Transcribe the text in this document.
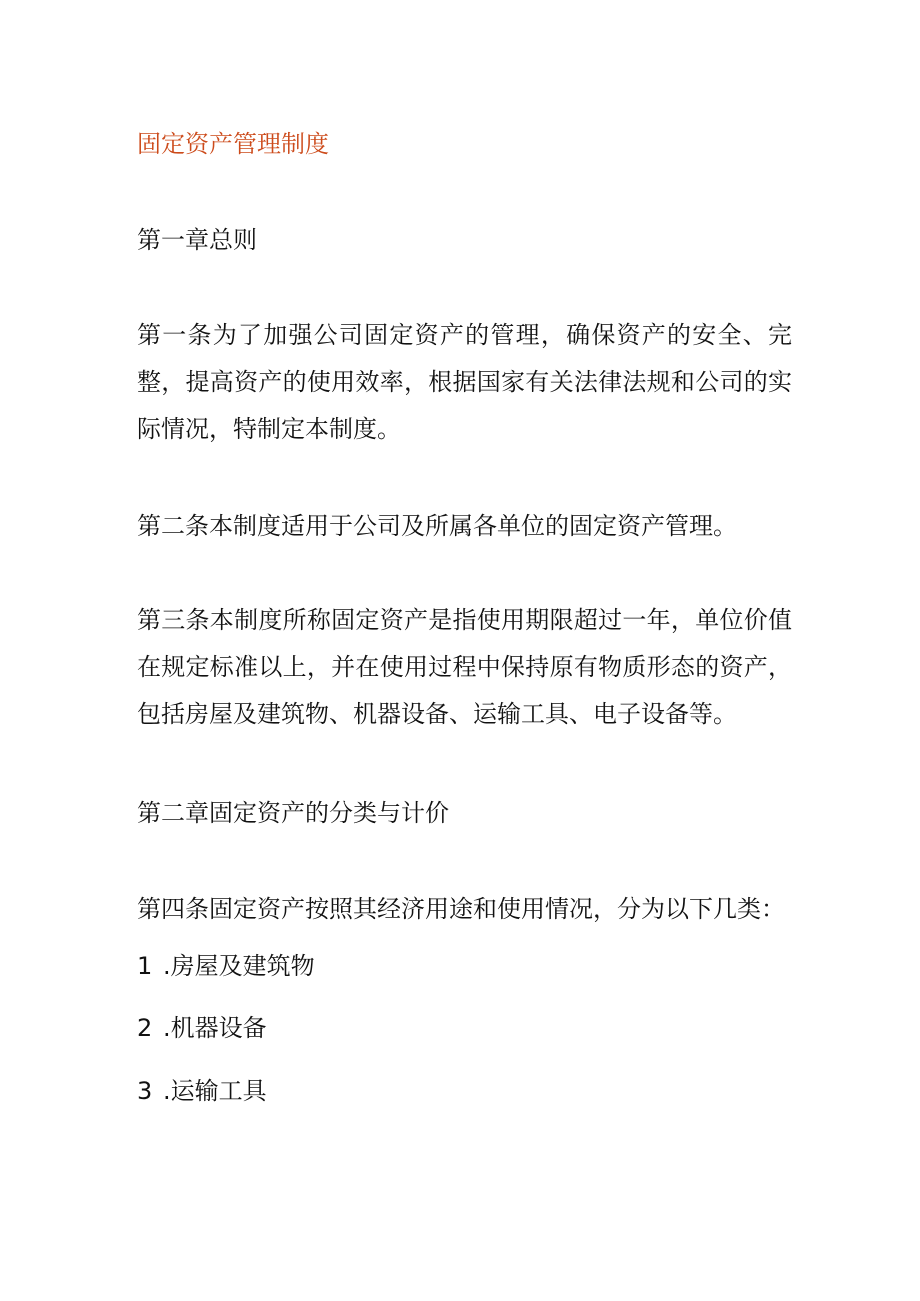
固定资产管理制度
第一章总则
第一条为了加强公司固定资产的管理，确保资产的安全、完整，提高资产的使用效率，根据国家有关法律法规和公司的实际情况，特制定本制度。
第二条本制度适用于公司及所属各单位的固定资产管理。
第三条本制度所称固定资产是指使用期限超过一年，单位价值在规定标准以上，并在使用过程中保持原有物质形态的资产，包括房屋及建筑物、机器设备、运输工具、电子设备等。
第二章固定资产的分类与计价
第四条固定资产按照其经济用途和使用情况，分为以下几类：
1 .房屋及建筑物
2 .机器设备
3 .运输工具
